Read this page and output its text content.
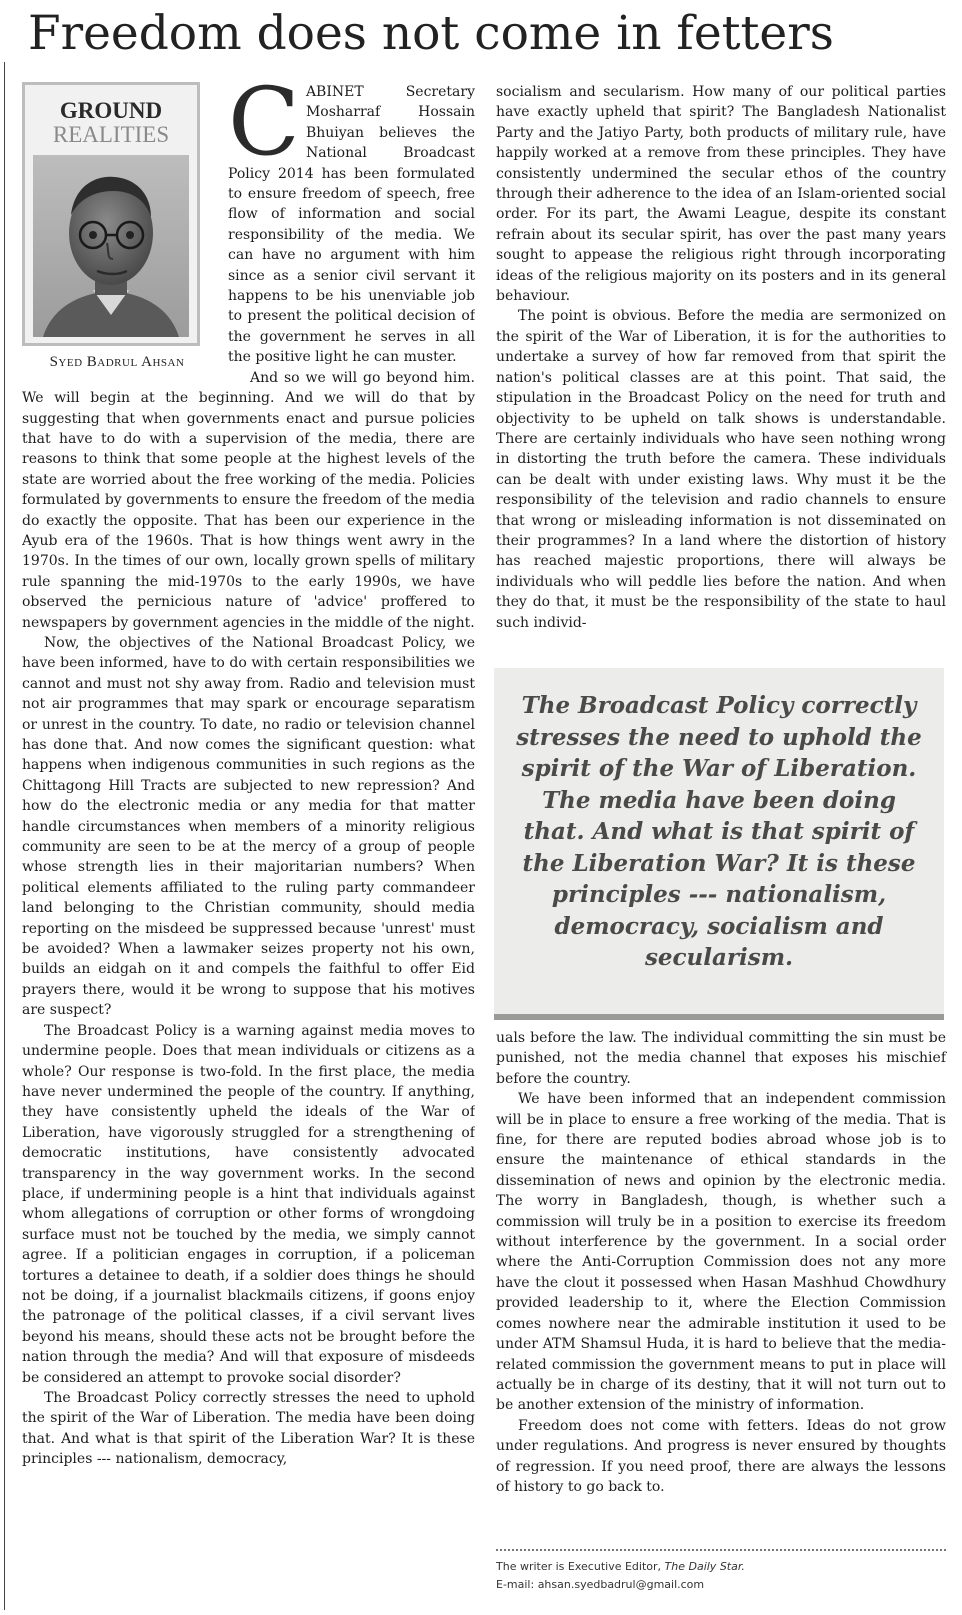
Freedom does not come in fetters
GROUND
REALITIES
Syed Badrul Ahsan

CABINET Secretary Mosharraf Hossain Bhuiyan believes the National Broadcast Policy 2014 has been formulated to ensure freedom of speech, free flow of information and social responsibility of the media. We can have no argument with him since as a senior civil servant it happens to be his unenviable job to present the political decision of the government he serves in all the positive light he can muster.

And so we will go beyond him. We will begin at the beginning. And we will do that by suggesting that when governments enact and pursue policies that have to do with a supervision of the media, there are reasons to think that some people at the highest levels of the state are worried about the free working of the media. Policies formulated by governments to ensure the freedom of the media do exactly the opposite. That has been our experience in the Ayub era of the 1960s. That is how things went awry in the 1970s. In the times of our own, locally grown spells of military rule spanning the mid-1970s to the early 1990s, we have observed the pernicious nature of 'advice' proffered to newspapers by government agencies in the middle of the night.

Now, the objectives of the National Broadcast Policy, we have been informed, have to do with certain responsibilities we cannot and must not shy away from. Radio and television must not air programmes that may spark or encourage separatism or unrest in the country. To date, no radio or television channel has done that. And now comes the significant question: what happens when indigenous communities in such regions as the Chittagong Hill Tracts are subjected to new repression? And how do the electronic media or any media for that matter handle circumstances when members of a minority religious community are seen to be at the mercy of a group of people whose strength lies in their majoritarian numbers? When political elements affiliated to the ruling party commandeer land belonging to the Christian community, should media reporting on the misdeed be suppressed because 'unrest' must be avoided? When a lawmaker seizes property not his own, builds an eidgah on it and compels the faithful to offer Eid prayers there, would it be wrong to suppose that his motives are suspect?

The Broadcast Policy is a warning against media moves to undermine people. Does that mean individuals or citizens as a whole? Our response is two-fold. In the first place, the media have never undermined the people of the country. If anything, they have consistently upheld the ideals of the War of Liberation, have vigorously struggled for a strengthening of democratic institutions, have consistently advocated transparency in the way government works. In the second place, if undermining people is a hint that individuals against whom allegations of corruption or other forms of wrongdoing surface must not be touched by the media, we simply cannot agree. If a politician engages in corruption, if a policeman tortures a detainee to death, if a soldier does things he should not be doing, if a journalist blackmails citizens, if goons enjoy the patronage of the political classes, if a civil servant lives beyond his means, should these acts not be brought before the nation through the media? And will that exposure of misdeeds be considered an attempt to provoke social disorder?

The Broadcast Policy correctly stresses the need to uphold the spirit of the War of Liberation. The media have been doing that. And what is that spirit of the Liberation War? It is these principles --- nationalism, democracy,

socialism and secularism. How many of our political parties have exactly upheld that spirit? The Bangladesh Nationalist Party and the Jatiyo Party, both products of military rule, have happily worked at a remove from these principles. They have consistently undermined the secular ethos of the country through their adherence to the idea of an Islam-oriented social order. For its part, the Awami League, despite its constant refrain about its secular spirit, has over the past many years sought to appease the religious right through incorporating ideas of the religious majority on its posters and in its general behaviour.

The point is obvious. Before the media are sermonized on the spirit of the War of Liberation, it is for the authorities to undertake a survey of how far removed from that spirit the nation's political classes are at this point. That said, the stipulation in the Broadcast Policy on the need for truth and objectivity to be upheld on talk shows is understandable. There are certainly individuals who have seen nothing wrong in distorting the truth before the camera. These individuals can be dealt with under existing laws. Why must it be the responsibility of the television and radio channels to ensure that wrong or misleading information is not disseminated on their programmes? In a land where the distortion of history has reached majestic proportions, there will always be individuals who will peddle lies before the nation. And when they do that, it must be the responsibility of the state to haul such individ-

The Broadcast Policy correctly stresses the need to uphold the spirit of the War of Liberation. The media have been doing that. And what is that spirit of the Liberation War? It is these principles --- nationalism, democracy, socialism and secularism.

uals before the law. The individual committing the sin must be punished, not the media channel that exposes his mischief before the country.

We have been informed that an independent commission will be in place to ensure a free working of the media. That is fine, for there are reputed bodies abroad whose job is to ensure the maintenance of ethical standards in the dissemination of news and opinion by the electronic media. The worry in Bangladesh, though, is whether such a commission will truly be in a position to exercise its freedom without interference by the government. In a social order where the Anti-Corruption Commission does not any more have the clout it possessed when Hasan Mashhud Chowdhury provided leadership to it, where the Election Commission comes nowhere near the admirable institution it used to be under ATM Shamsul Huda, it is hard to believe that the media-related commission the government means to put in place will actually be in charge of its destiny, that it will not turn out to be another extension of the ministry of information.

Freedom does not come with fetters. Ideas do not grow under regulations. And progress is never ensured by thoughts of regression. If you need proof, there are always the lessons of history to go back to.

The writer is Executive Editor, The Daily Star.
E-mail: ahsan.syedbadrul@gmail.com
